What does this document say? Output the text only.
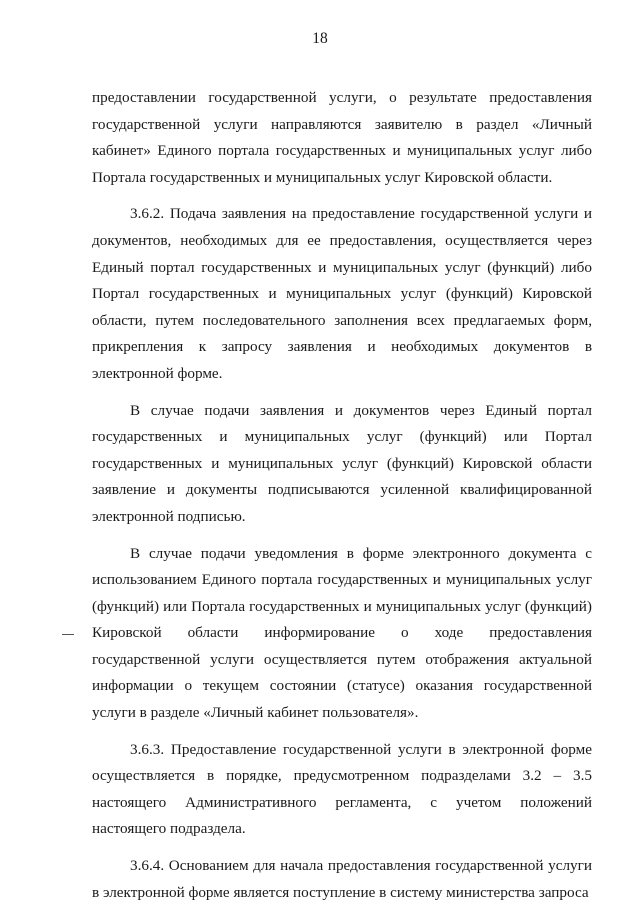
18

предоставлении государственной услуги, о результате предоставления государственной услуги направляются заявителю в раздел «Личный кабинет» Единого портала государственных и муниципальных услуг либо Портала государственных и муниципальных услуг Кировской области.

3.6.2. Подача заявления на предоставление государственной услуги и документов, необходимых для ее предоставления, осуществляется через Единый портал государственных и муниципальных услуг (функций) либо Портал государственных и муниципальных услуг (функций) Кировской области, путем последовательного заполнения всех предлагаемых форм, прикрепления к запросу заявления и необходимых документов в электронной форме.

В случае подачи заявления и документов через Единый портал государственных и муниципальных услуг (функций) или Портал государственных и муниципальных услуг (функций) Кировской области заявление и документы подписываются усиленной квалифицированной электронной подписью.

В случае подачи уведомления в форме электронного документа с использованием Единого портала государственных и муниципальных услуг (функций) или Портала государственных и муниципальных услуг (функций) Кировской области информирование о ходе предоставления государственной услуги осуществляется путем отображения актуальной информации о текущем состоянии (статусе) оказания государственной услуги в разделе «Личный кабинет пользователя».

3.6.3. Предоставление государственной услуги в электронной форме осуществляется в порядке, предусмотренном подразделами 3.2 – 3.5 настоящего Административного регламента, с учетом положений настоящего подраздела.

3.6.4. Основанием для начала предоставления государственной услуги в электронной форме является поступление в систему министерства запроса
